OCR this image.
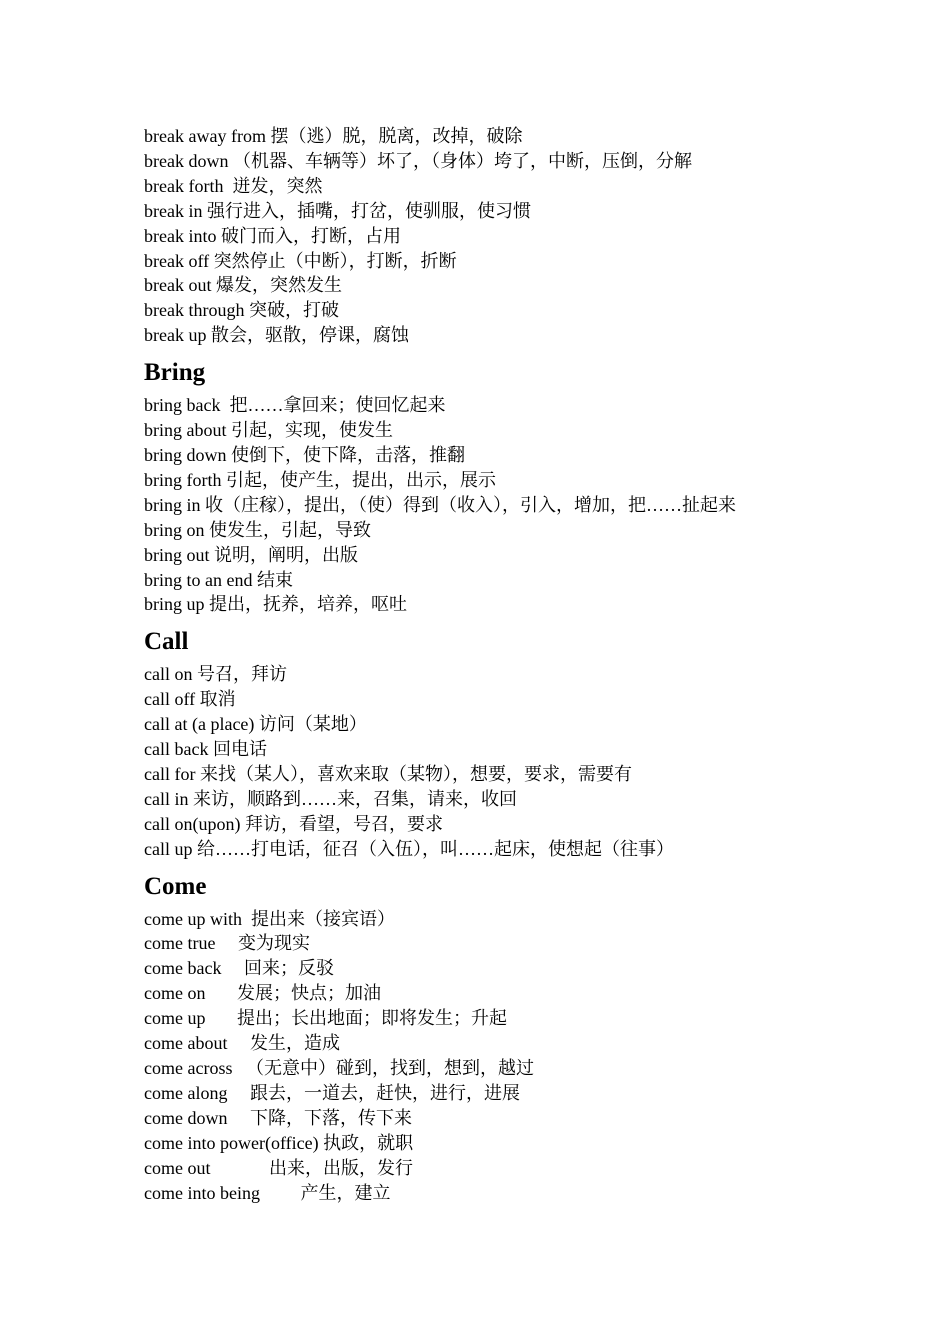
break away from 摆（逃）脱，脱离，改掉，破除

break down （机器、车辆等）坏了，（身体）垮了，中断，压倒，分解

break forth  迸发，突然

break in 强行进入，插嘴，打岔，使驯服，使习惯

break into 破门而入，打断，占用

break off 突然停止（中断），打断，折断

break out 爆发，突然发生

break through 突破，打破

break up 散会，驱散，停课，腐蚀

Bring

bring back  把……拿回来；使回忆起来

bring about 引起，实现，使发生

bring down 使倒下，使下降，击落，推翻

bring forth 引起，使产生，提出，出示，展示

bring in 收（庄稼），提出，（使）得到（收入），引入，增加，把……扯起来

bring on 使发生，引起，导致

bring out 说明，阐明，出版

bring to an end 结束

bring up 提出，抚养，培养，呕吐

Call

call on 号召，拜访

call off 取消

call at (a place) 访问（某地）

call back 回电话

call for 来找（某人），喜欢来取（某物），想要，要求，需要有

call in 来访，顺路到……来，召集，请来，收回

call on(upon) 拜访，看望，号召，要求

call up 给……打电话，征召（入伍），叫……起床，使想起（往事）

Come

come up with  提出来（接宾语）

come true     变为现实

come back     回来；反驳

come on       发展；快点；加油

come up       提出；长出地面；即将发生；升起

come about     发生，造成

come across   （无意中）碰到，找到，想到，越过

come along     跟去，一道去，赶快，进行，进展

come down     下降，下落，传下来

come into power(office) 执政，就职

come out             出来，出版，发行

come into being         产生，建立
